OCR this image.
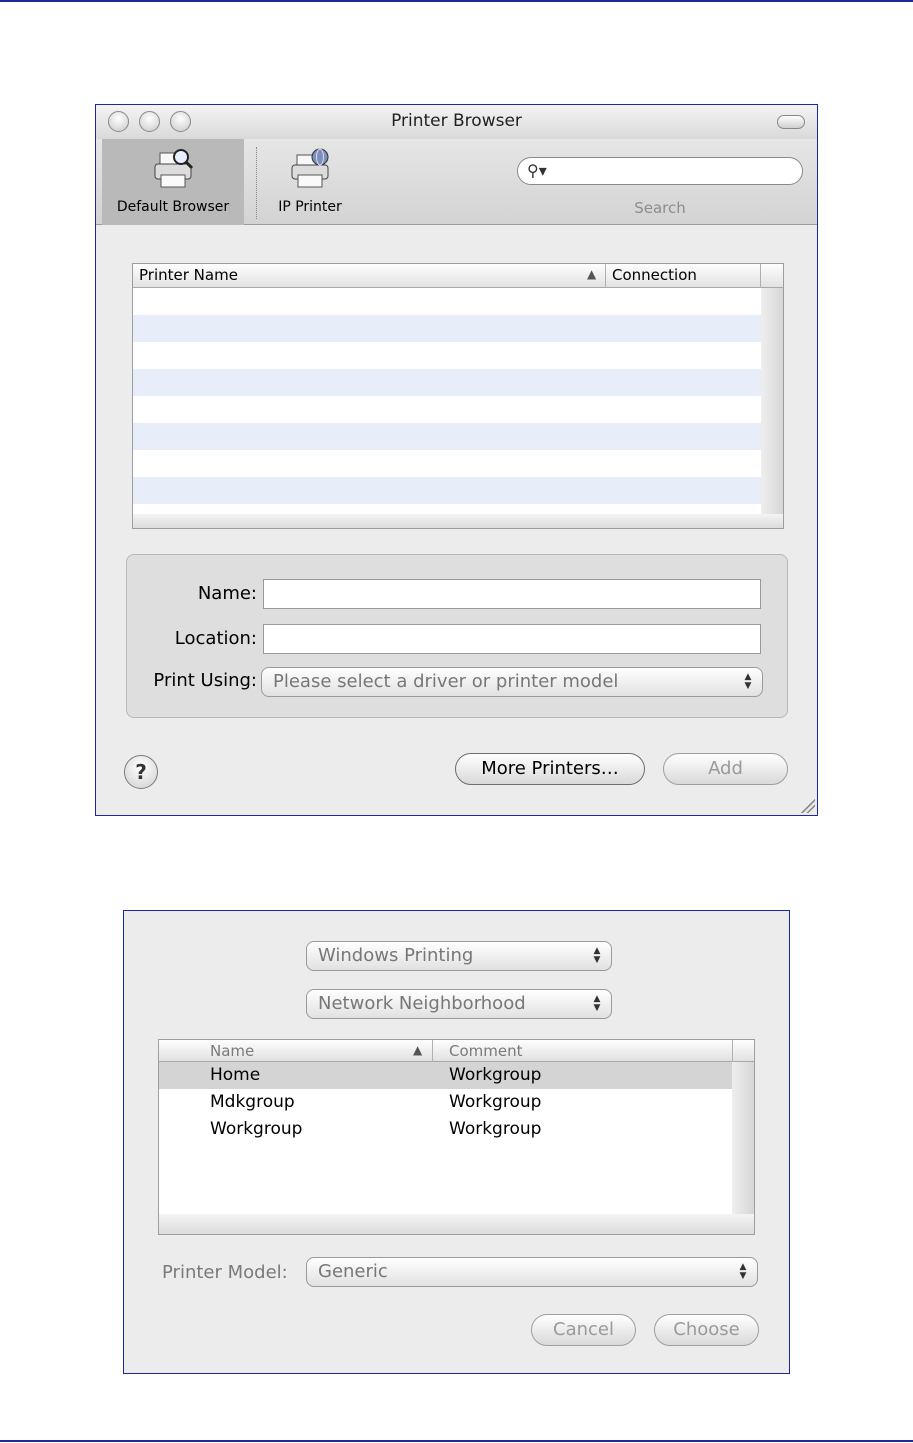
Printer Browser
Default Browser	IP Printer
⚲▾
Search
Printer Name	▲ Connection
Name:
Location:
Print Using: Please select a driver or printer model	▲
▼
?	More Printers…	Add
Windows Printing	▲
▼
Network Neighborhood	▲
▼
Name	▲ Comment
Home	Workgroup
Mdkgroup	Workgroup
Workgroup	Workgroup
Printer Model:	Generic	▲
▼
Cancel	Choose
